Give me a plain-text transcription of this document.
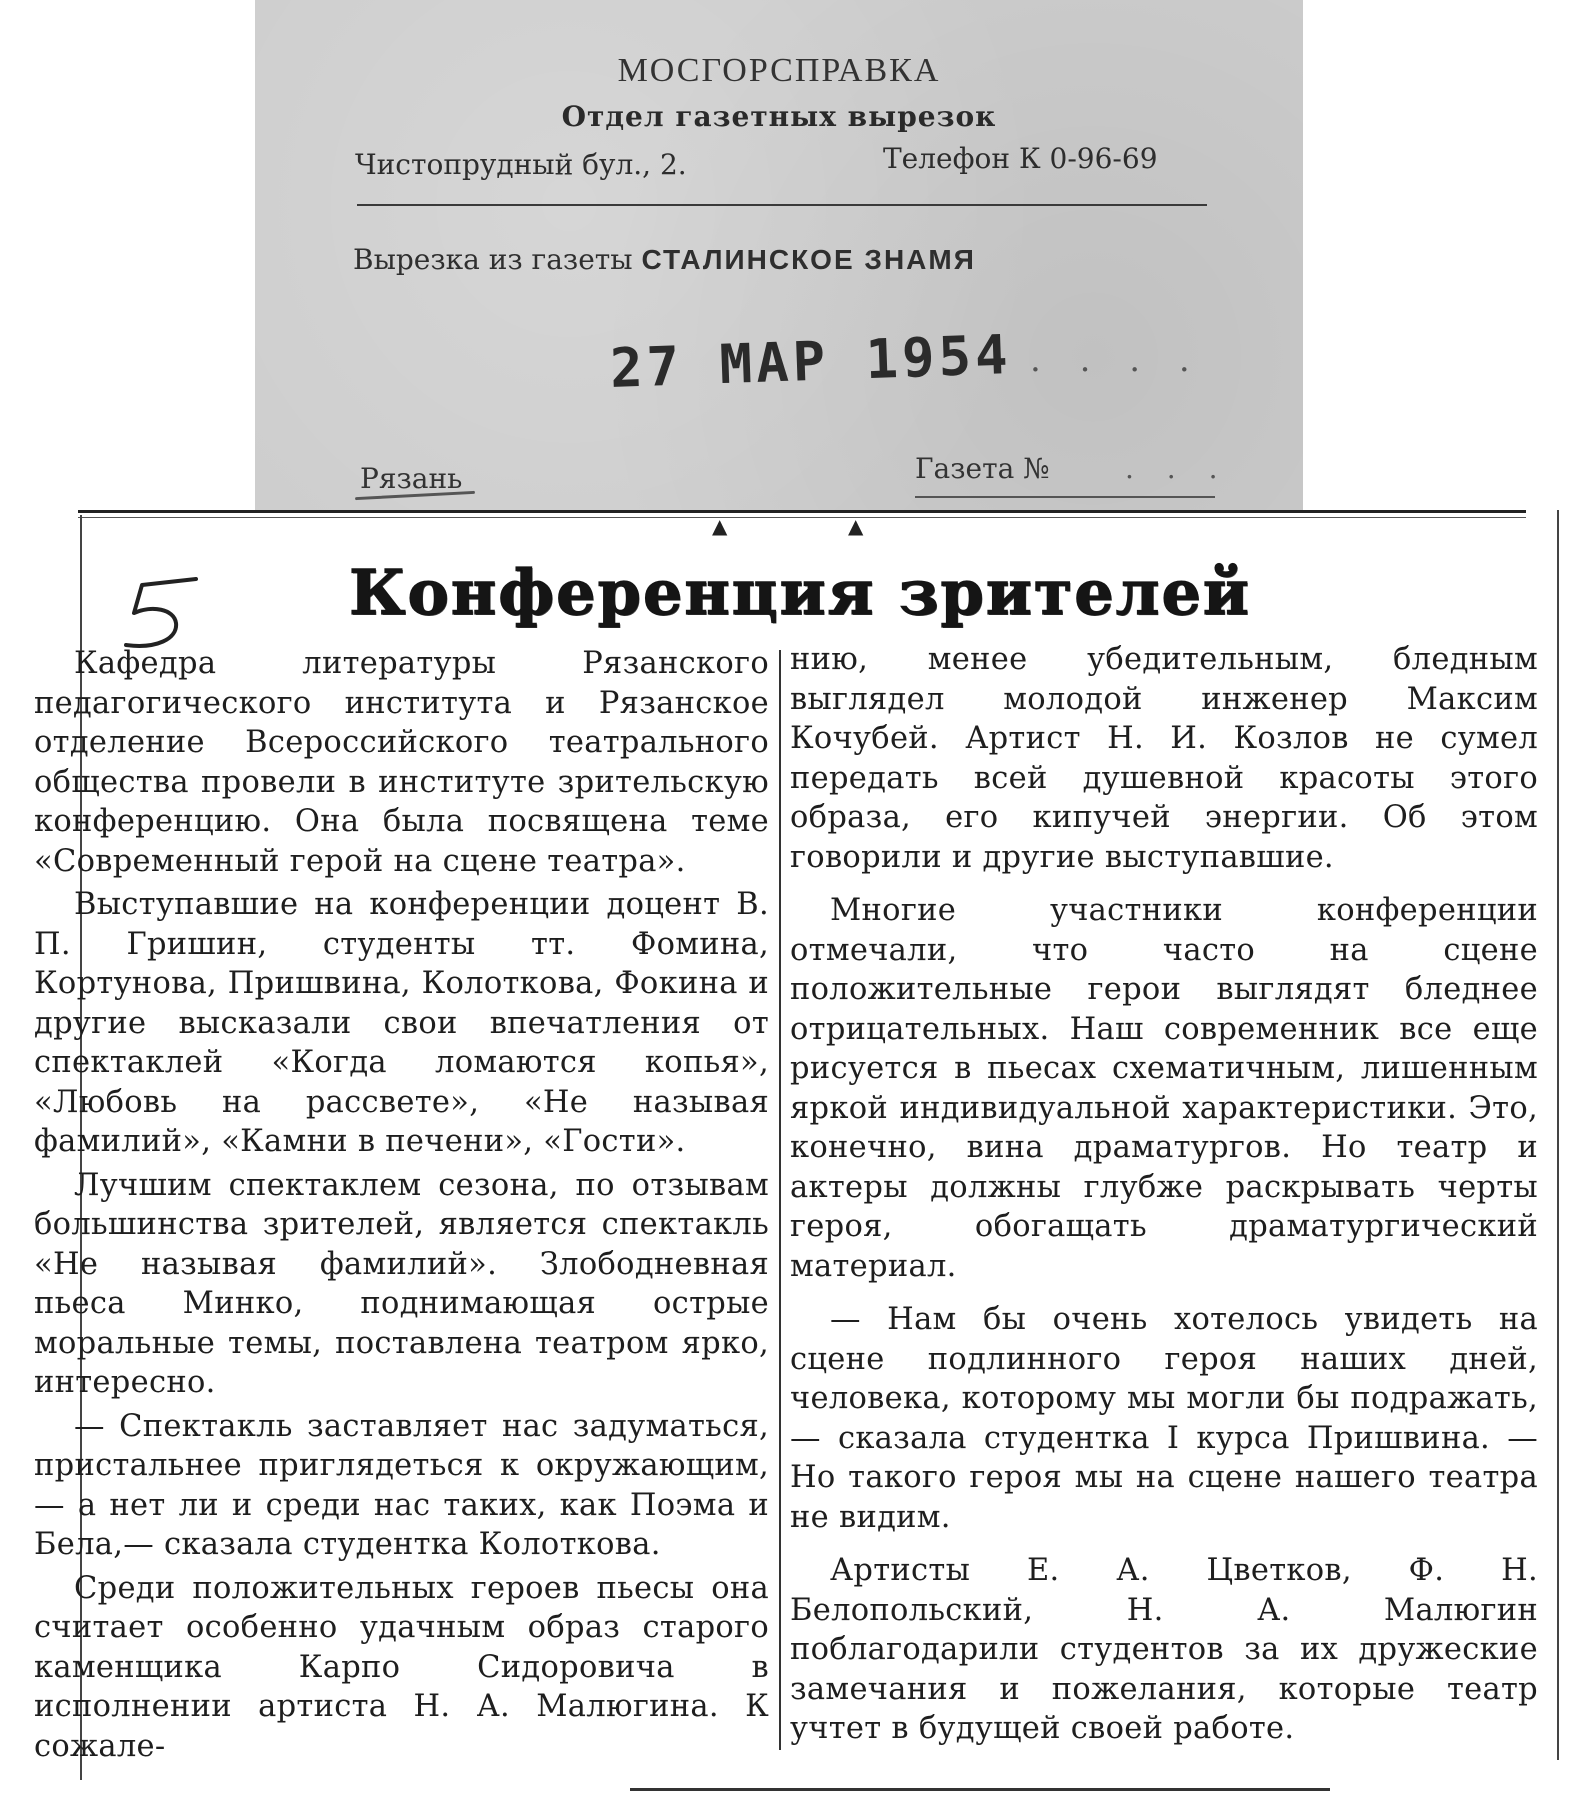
МОСГОРСПРАВКА
Отдел газетных вырезок
Чистопрудный бул., 2.	Телефон К 0-96-69
Вырезка из газеты СТАЛИНСКОЕ ЗНАМЯ
27 МАР 1954 . . . .
Рязань	Газета №	. . .
▲	▲
5	Конференция зрителей

Кафедра литературы Рязанского педагогического института и Рязанское отделение Всероссийского театрального общества провели в институте зрительскую конференцию. Она была посвящена теме «Современный герой на сцене театра».

Выступавшие на конференции доцент В. П. Гришин, студенты тт. Фомина, Кортунова, Пришвина, Колоткова, Фокина и другие высказали свои впечатления от спектаклей «Когда ломаются копья», «Любовь на рассвете», «Не называя фамилий», «Камни в печени», «Гости».

Лучшим спектаклем сезона, по отзывам большинства зрителей, является спектакль «Не называя фамилий». Злободневная пьеса Минко, поднимающая острые моральные темы, поставлена театром ярко, интересно.

— Спектакль заставляет нас задуматься, пристальнее приглядеться к окружающим,— а нет ли и среди нас таких, как Поэма и Бела,— сказала студентка Колоткова.

Среди положительных героев пьесы она считает особенно удачным образ старого каменщика Карпо Сидоровича в исполнении артиста Н. А. Малюгина. К сожале-

нию, менее убедительным, бледным выглядел молодой инженер Максим Кочубей. Артист Н. И. Козлов не сумел передать всей душевной красоты этого образа, его кипучей энергии. Об этом говорили и другие выступавшие.

Многие участники конференции отмечали, что часто на сцене положительные герои выглядят бледнее отрицательных. Наш современник все еще рисуется в пьесах схематичным, лишенным яркой индивидуальной характеристики. Это, конечно, вина драматургов. Но театр и актеры должны глубже раскрывать черты героя, обогащать драматургический материал.

— Нам бы очень хотелось увидеть на сцене подлинного героя наших дней, человека, которому мы могли бы подражать, — сказала студентка I курса Пришвина. — Но такого героя мы на сцене нашего театра не видим.

Артисты Е. А. Цветков, Ф. Н. Белопольский, Н. А. Малюгин поблагодарили студентов за их дружеские замечания и пожелания, которые театр учтет в будущей своей работе.
